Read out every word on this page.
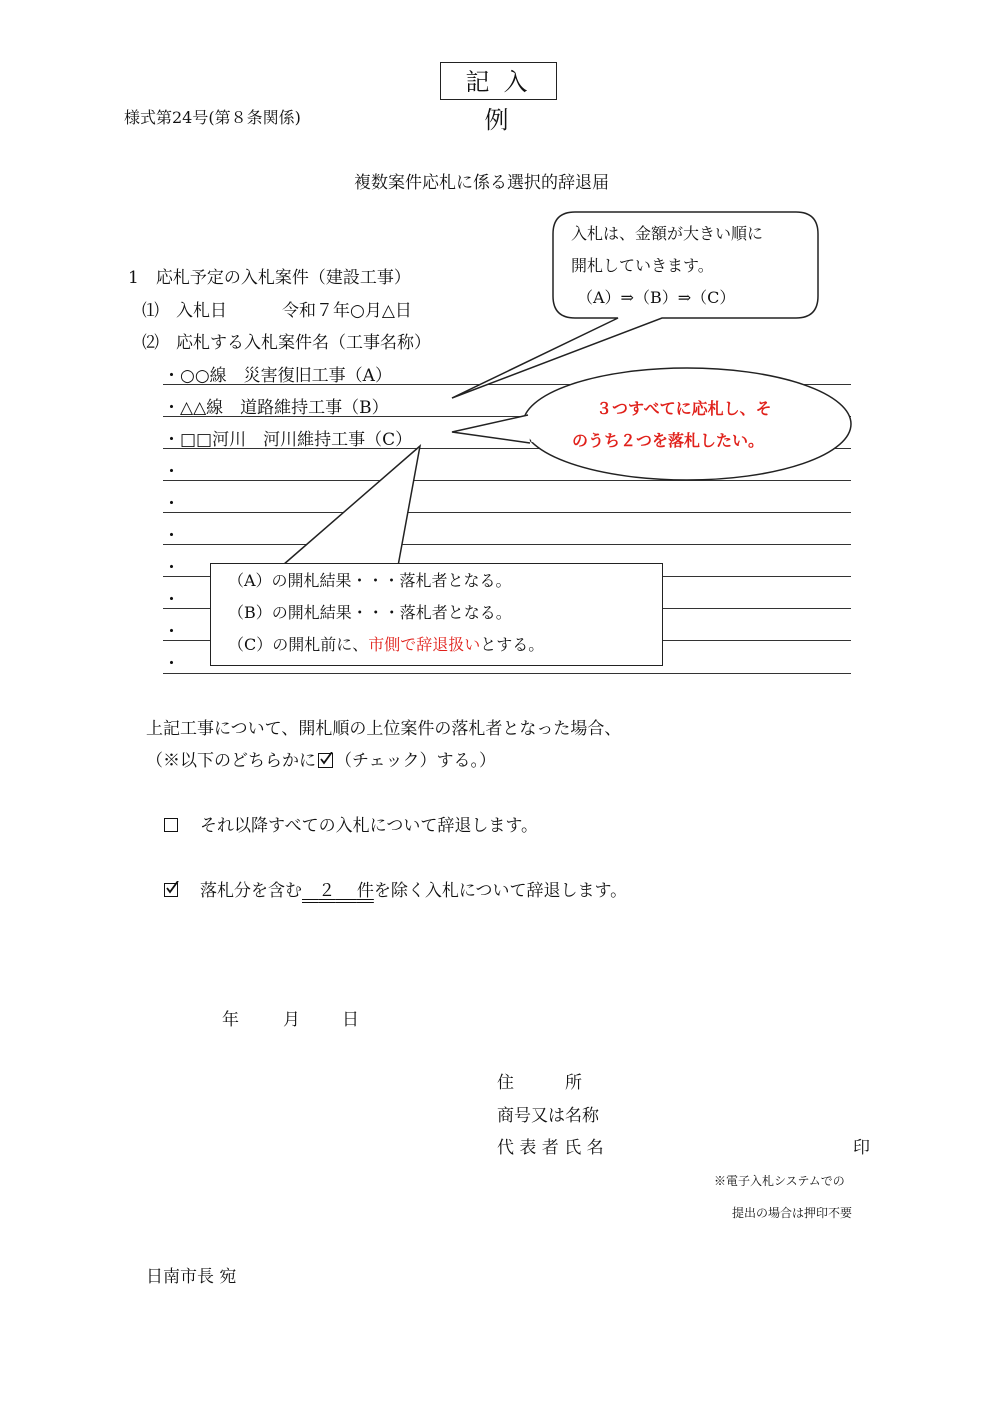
記入例
様式第24号(第８条関係)
複数案件応札に係る選択的辞退届
1　応札予定の入札案件（建設工事）
⑴　入札日	令和７年○月△日
⑵　応札する入札案件名（工事名称）
・○○線　災害復旧工事（A）
・△△線　道路維持工事（B）
・□□河川　河川維持工事（C）
・
・
・
・
・
・
・
入札は、金額が大きい順に
開札していきます。
（A）⇒（B）⇒（C）
３つすべてに応札し、そ
のうち２つを落札したい。
（A）の開札結果・・・落札者となる。
（B）の開札結果・・・落札者となる。
（C）の開札前に、市側で辞退扱いとする。
上記工事について、開札順の上位案件の落札者となった場合、
（※以下のどちらかに （チェック）する。）
それ以降すべての入札について辞退します。
落札分を含む ２ 件を除く入札について辞退します。
年	月 日
住　　　所
商号又は名称
代 表 者 氏 名	印
※電子入札システムでの
提出の場合は押印不要
日南市長 宛
